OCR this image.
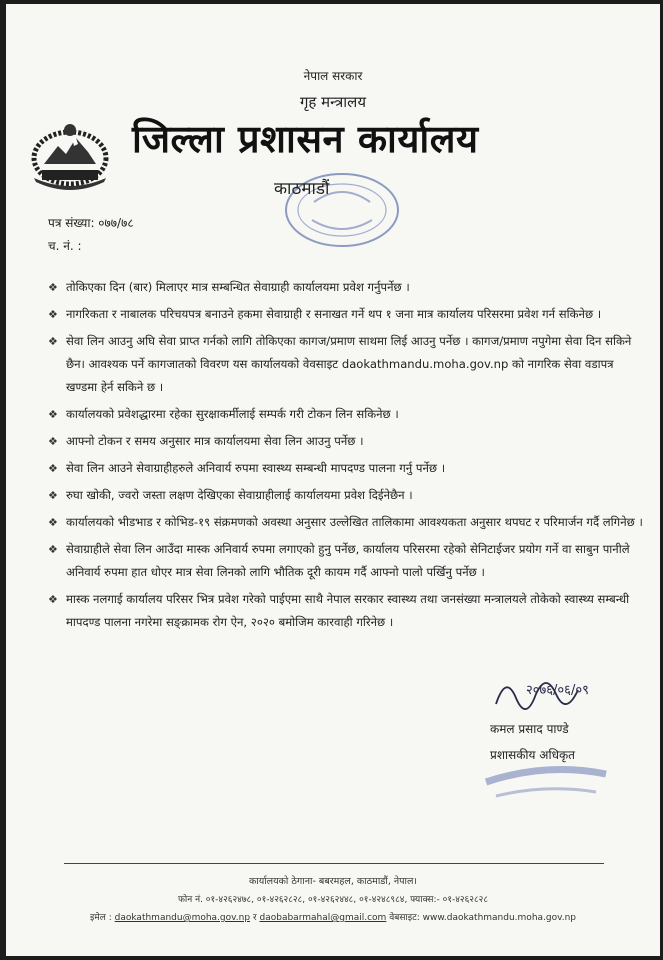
नेपाल सरकार
गृह मन्त्रालय
जिल्ला प्रशासन कार्यालय
काठमाडौं
पत्र संख्या: ०७७/७८
च. नं. :
❖ तोकिएका दिन (बार) मिलाएर मात्र सम्बन्धित सेवाग्राही कार्यालयमा प्रवेश गर्नुपर्नेछ ।
❖ नागरिकता र नाबालक परिचयपत्र बनाउने हकमा सेवाग्राही र सनाखत गर्ने थप १ जना मात्र कार्यालय परिसरमा प्रवेश गर्न सकिनेछ ।
❖ सेवा लिन आउनु अघि सेवा प्राप्त गर्नको लागि तोकिएका कागज/प्रमाण साथमा लिई आउनु पर्नेछ । कागज/प्रमाण नपुगेमा सेवा दिन सकिने छैन। आवश्यक पर्ने कागजातको विवरण यस कार्यालयको वेवसाइट daokathmandu.moha.gov.np को नागरिक सेवा वडापत्र खण्डमा हेर्न सकिने छ ।
❖ कार्यालयको प्रवेशद्धारमा रहेका सुरक्षाकर्मीलाई सम्पर्क गरी टोकन लिन सकिनेछ ।
❖ आफ्नो टोकन र समय अनुसार मात्र कार्यालयमा सेवा लिन आउनु पर्नेछ ।
❖ सेवा लिन आउने सेवाग्राहीहरुले अनिवार्य रुपमा स्वास्थ्य सम्बन्धी मापदण्ड पालना गर्नु पर्नेछ ।
❖ रुघा खोकी, ज्वरो जस्ता लक्षण देखिएका सेवाग्राहीलाई कार्यालयमा प्रवेश दिईनेछैन ।
❖ कार्यालयको भीडभाड र कोभिड-१९ संक्रमणको अवस्था अनुसार उल्लेखित तालिकामा आवश्यकता अनुसार थपघट र परिमार्जन गर्दै लगिनेछ ।
❖ सेवाग्राहीले सेवा लिन आउँदा मास्क अनिवार्य रुपमा लगाएको हुनु पर्नेछ, कार्यालय परिसरमा रहेको सेनिटाईजर प्रयोग गर्ने वा साबुन पानीले अनिवार्य रुपमा हात धोएर मात्र सेवा लिनको लागि भौतिक दूरी कायम गर्दै आफ्नो पालो पर्खिनु पर्नेछ ।
❖ मास्क नलगाई कार्यालय परिसर भित्र प्रवेश गरेको पाईएमा साथै नेपाल सरकार स्वास्थ्य तथा जनसंख्या मन्त्रालयले तोकेको स्वास्थ्य सम्बन्धी मापदण्ड पालना नगरेमा सङ्क्रामक रोग ऐन, २०२० बमोजिम कारवाही गरिनेछ ।
२०७६/०६/०९
कमल प्रसाद पाण्डे
प्रशासकीय अधिकृत
कार्यालयको ठेगाना- बबरमहल, काठमाडौं, नेपाल।
फोन नं. ०१-४२६२४७८, ०१-४२६२८२८, ०१-४२६२४४८, ०१-४२४८९८४, फ्याक्स:- ०१-४२६२८२८
इमेल : daokathmandu@moha.gov.np र daobabarmahal@gmail.com वेबसाइट: www.daokathmandu.moha.gov.np
